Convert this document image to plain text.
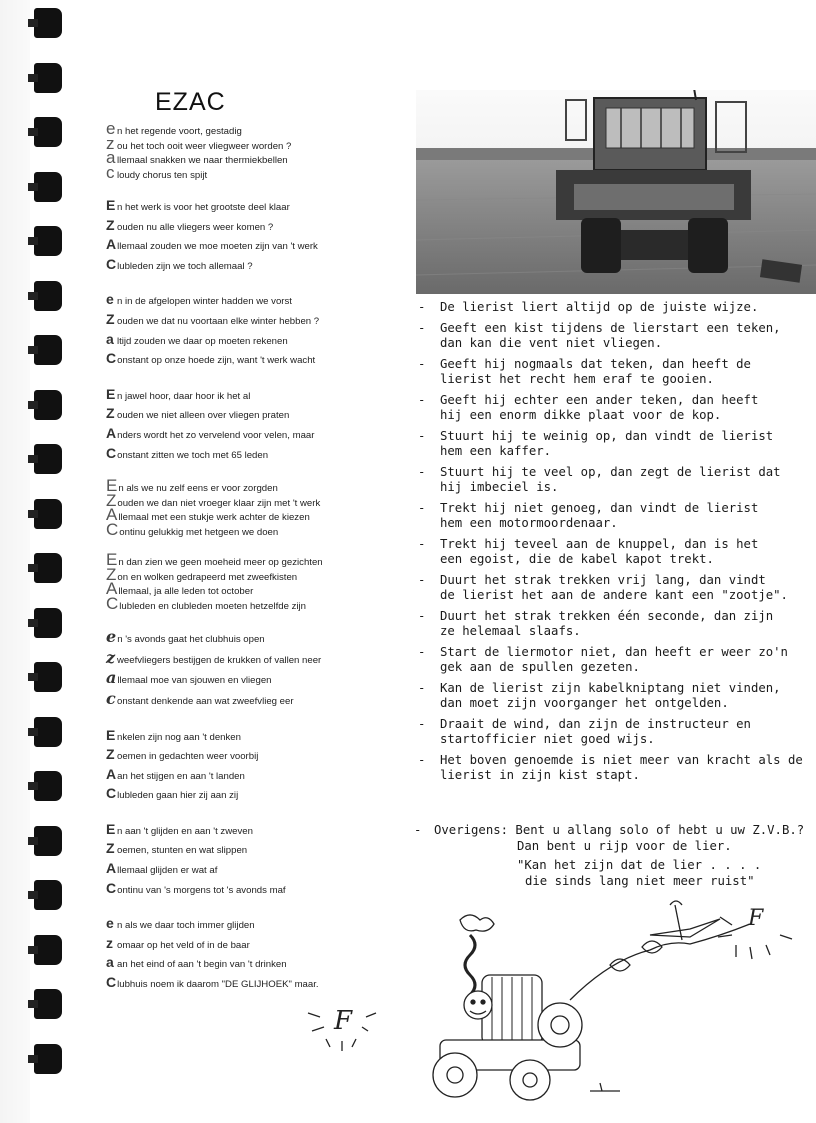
EZAC
en het regende voort, gestadig
zou het toch ooit weer vliegweer worden ?
allemaal snakken we naar thermiekbellen
cloudy chorus ten spijt
E n het werk is voor het grootste deel klaar
Z ouden nu alle vliegers weer komen ?
Allemaal zouden we moe moeten zijn van 't werk
Clubleden zijn we toch allemaal ?
e n in de afgelopen winter hadden we vorst
Z ouden we dat nu voortaan elke winter hebben ?
a ltijd zouden we daar op moeten rekenen
Constant op onze hoede zijn, want 't werk wacht
E n jawel hoor, daar hoor ik het al
Z ouden we niet alleen over vliegen praten
Anders wordt het zo vervelend voor velen, maar
Constant zitten we toch met 65 leden
En als we nu zelf eens er voor zorgden
Zouden we dan niet vroeger klaar zijn met 't werk
Allemaal met een stukje werk achter de kiezen
Continu gelukkig met hetgeen we doen
En dan zien we geen moeheid meer op gezichten
Zon en wolken gedrapeerd met zweefkisten
Allemaal, ja alle leden tot october
Clubleden en clubleden moeten hetzelfde zijn
en 's avonds gaat het clubhuis open
zweefvliegers bestijgen de krukken of vallen neer
allemaal moe van sjouwen en vliegen
constant denkende aan wat zweefvlieg eer
E nkelen zijn nog aan 't denken
Z oemen in gedachten weer voorbij
Aan het stijgen en aan 't landen
Clubleden gaan hier zij aan zij
E n aan 't glijden en aan 't zweven
Z oemen, stunten en wat slippen
Allemaal glijden er wat af
Continu van 's morgens tot 's avonds maf
e n als we daar toch immer glijden
z omaar op het veld of in de baar
a an het eind of aan 't begin van 't drinken
Clubhuis noem ik daarom "DE GLIJHOEK" maar.
F
- De lierist liert altijd op de juiste wijze.
- Geeft een kist tijdens de lierstart een teken,
dan kan die vent niet vliegen.
- Geeft hij nogmaals dat teken, dan heeft de
lierist het recht hem eraf te gooien.
- Geeft hij echter een ander teken, dan heeft
hij een enorm dikke plaat voor de kop.
- Stuurt hij te weinig op, dan vindt de lierist
hem een kaffer.
- Stuurt hij te veel op, dan zegt de lierist dat
hij imbeciel is.
- Trekt hij niet genoeg, dan vindt de lierist
hem een motormoordenaar.
- Trekt hij teveel aan de knuppel, dan is het
een egoist, die de kabel kapot trekt.
- Duurt het strak trekken vrij lang, dan vindt
de lierist het aan de andere kant een "zootje".
- Duurt het strak trekken één seconde, dan zijn
ze helemaal slaafs.
- Start de liermotor niet, dan heeft er weer zo'n
gek aan de spullen gezeten.
- Kan de lierist zijn kabelkniptang niet vinden,
dan moet zijn voorganger het ontgelden.
- Draait de wind, dan zijn de instructeur en
startofficier niet goed wijs.
- Het boven genoemde is niet meer van kracht als de
lierist in zijn kist stapt.
- Overigens: Bent u allang solo of hebt u uw Z.V.B.?
Dan bent u rijp voor de lier.
"Kan het zijn dat de lier . . . .
die sinds lang niet meer ruist"
F
